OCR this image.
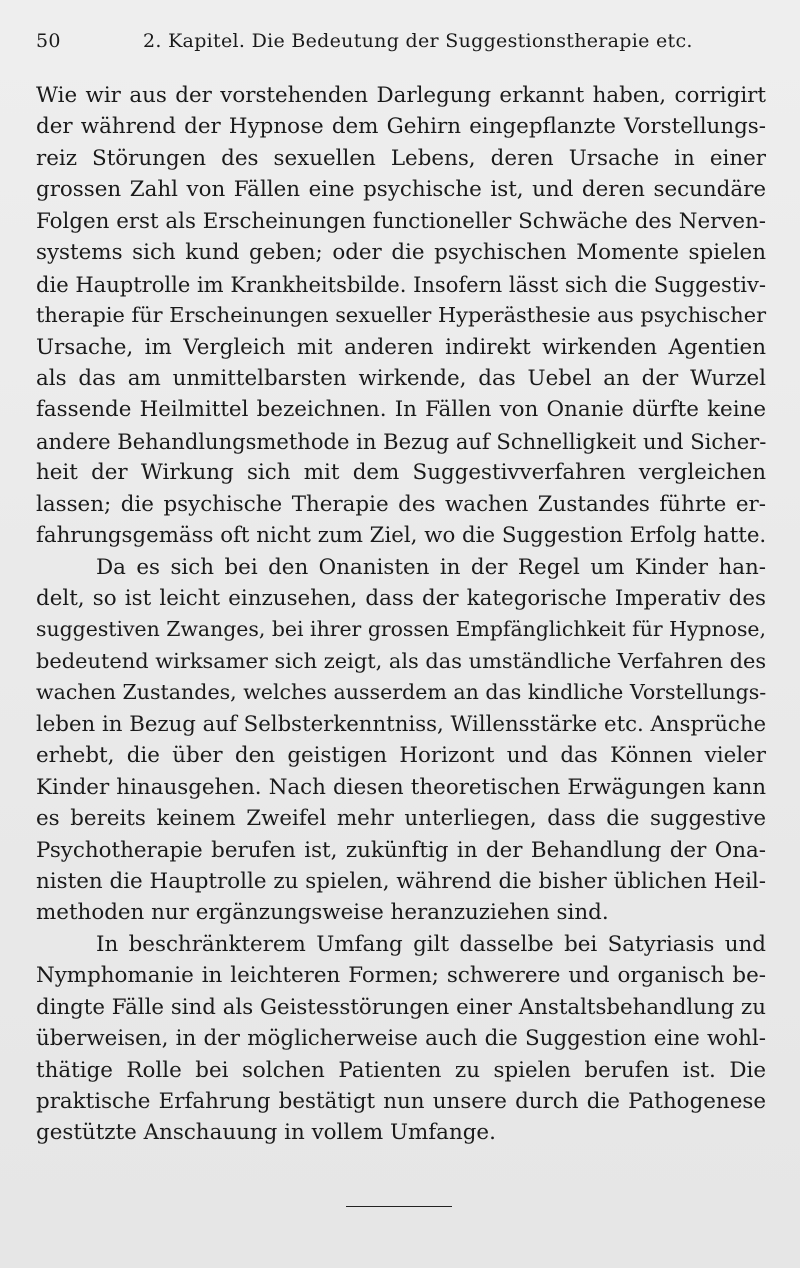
50	2. Kapitel. Die Bedeutung der Suggestionstherapie etc.
Wie wir aus der vorstehenden Darlegung erkannt haben, corrigirt
der während der Hypnose dem Gehirn eingepflanzte Vorstellungs-
reiz Störungen des sexuellen Lebens, deren Ursache in einer
grossen Zahl von Fällen eine psychische ist, und deren secundäre
Folgen erst als Erscheinungen functioneller Schwäche des Nerven-
systems sich kund geben; oder die psychischen Momente spielen
die Hauptrolle im Krankheitsbilde. Insofern lässt sich die Suggestiv-
therapie für Erscheinungen sexueller Hyperästhesie aus psychischer
Ursache, im Vergleich mit anderen indirekt wirkenden Agentien
als das am unmittelbarsten wirkende, das Uebel an der Wurzel
fassende Heilmittel bezeichnen. In Fällen von Onanie dürfte keine
andere Behandlungsmethode in Bezug auf Schnelligkeit und Sicher-
heit der Wirkung sich mit dem Suggestivverfahren vergleichen
lassen; die psychische Therapie des wachen Zustandes führte er-
fahrungsgemäss oft nicht zum Ziel, wo die Suggestion Erfolg hatte.
Da es sich bei den Onanisten in der Regel um Kinder han-
delt, so ist leicht einzusehen, dass der kategorische Imperativ des
suggestiven Zwanges, bei ihrer grossen Empfänglichkeit für Hypnose,
bedeutend wirksamer sich zeigt, als das umständliche Verfahren des
wachen Zustandes, welches ausserdem an das kindliche Vorstellungs-
leben in Bezug auf Selbsterkenntniss, Willensstärke etc. Ansprüche
erhebt, die über den geistigen Horizont und das Können vieler
Kinder hinausgehen. Nach diesen theoretischen Erwägungen kann
es bereits keinem Zweifel mehr unterliegen, dass die suggestive
Psychotherapie berufen ist, zukünftig in der Behandlung der Ona-
nisten die Hauptrolle zu spielen, während die bisher üblichen Heil-
methoden nur ergänzungsweise heranzuziehen sind.
In beschränkterem Umfang gilt dasselbe bei Satyriasis und
Nymphomanie in leichteren Formen; schwerere und organisch be-
dingte Fälle sind als Geistesstörungen einer Anstaltsbehandlung zu
überweisen, in der möglicherweise auch die Suggestion eine wohl-
thätige Rolle bei solchen Patienten zu spielen berufen ist. Die
praktische Erfahrung bestätigt nun unsere durch die Pathogenese
gestützte Anschauung in vollem Umfange.
